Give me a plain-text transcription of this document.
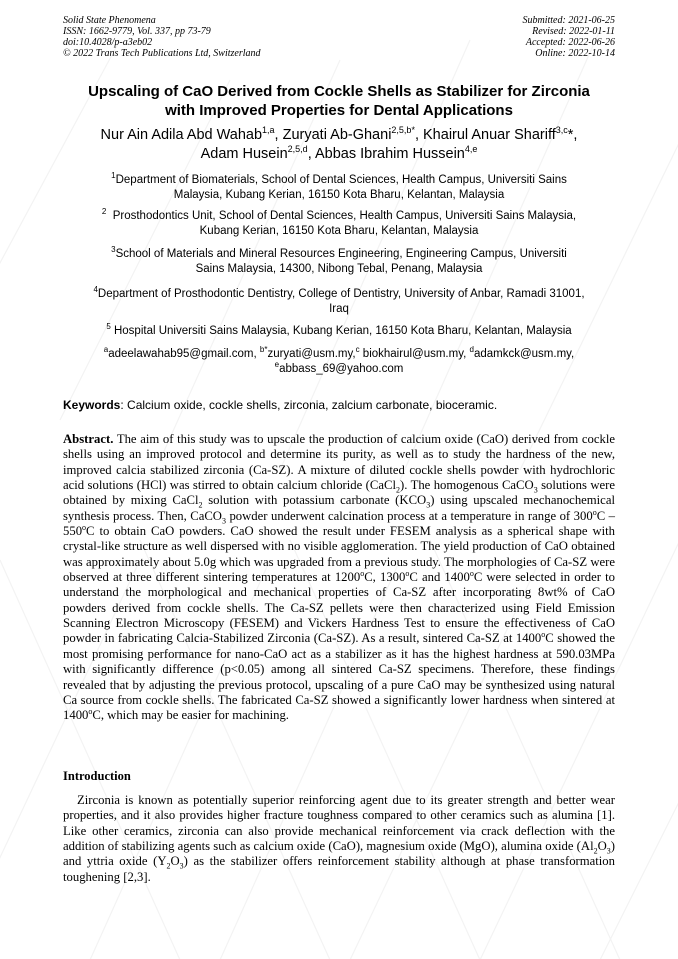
Solid State Phenomena
ISSN: 1662-9779, Vol. 337, pp 73-79
doi:10.4028/p-a3eb02
© 2022 Trans Tech Publications Ltd, Switzerland
Submitted: 2021-06-25
Revised: 2022-01-11
Accepted: 2022-06-26
Online: 2022-10-14
Upscaling of CaO Derived from Cockle Shells as Stabilizer for Zirconia
with Improved Properties for Dental Applications
Nur Ain Adila Abd Wahab$^{1,a}$, Zuryati Ab-Ghani$^{2,5,b*}$, Khairul Anuar Shariff$^{3,c}$*,
Adam Husein$^{2,5,d}$, Abbas Ibrahim Hussein$^{4,e}$
$^1$Department of Biomaterials, School of Dental Sciences, Health Campus, Universiti Sains
Malaysia, Kubang Kerian, 16150 Kota Bharu, Kelantan, Malaysia
$^2$ Prosthodontics Unit, School of Dental Sciences, Health Campus, Universiti Sains Malaysia,
Kubang Kerian, 16150 Kota Bharu, Kelantan, Malaysia
$^3$School of Materials and Mineral Resources Engineering, Engineering Campus, Universiti
Sains Malaysia, 14300, Nibong Tebal, Penang, Malaysia
$^4$Department of Prosthodontic Dentistry, College of Dentistry, University of Anbar, Ramadi 31001,
Iraq
$^5$ Hospital Universiti Sains Malaysia, Kubang Kerian, 16150 Kota Bharu, Kelantan, Malaysia
$^a$adeelawahab95@gmail.com, $^{b*}$zuryati@usm.my,$^c$ biokhairul@usm.my, $^d$adamkck@usm.my,
$^e$abbass_69@yahoo.com
Keywords: Calcium oxide, cockle shells, zirconia, zalcium carbonate, bioceramic.
Abstract. The aim of this study was to upscale the production of calcium oxide (CaO) derived from cockle shells using an improved protocol and determine its purity, as well as to study the hardness of the new, improved calcia stabilized zirconia (Ca-SZ). A mixture of diluted cockle shells powder with hydrochloric acid solutions (HCl) was stirred to obtain calcium chloride (CaCl$_2$). The homogenous CaCO$_3$ solutions were obtained by mixing CaCl$_2$ solution with potassium carbonate $(KCO_3)$ using upscaled mechanochemical synthesis process. Then, CaCO$_3$ powder underwent calcination process at a temperature in range of 300$^o$C – 550$^o$C to obtain CaO powders. CaO showed the result under FESEM analysis as a spherical shape with crystal-like structure as well dispersed with no visible agglomeration. The yield production of CaO obtained was approximately about 5.0g which was upgraded from a previous study. The morphologies of Ca-SZ were observed at three different sintering temperatures at 1200$^o$C, 1300$^o$C and 1400$^o$C were selected in order to understand the morphological and mechanical properties of Ca-SZ after incorporating 8wt% of CaO powders derived from cockle shells. The Ca-SZ pellets were then characterized using Field Emission Scanning Electron Microscopy (FESEM) and Vickers Hardness Test to ensure the effectiveness of CaO powder in fabricating Calcia-Stabilized Zirconia (Ca-SZ). As a result, sintered Ca-SZ at 1400$^o$C showed the most promising performance for nano-CaO act as a stabilizer as it has the highest hardness at 590.03MPa with significantly difference (p<0.05) among all sintered Ca-SZ specimens. Therefore, these findings revealed that by adjusting the previous protocol, upscaling of a pure CaO may be synthesized using natural Ca source from cockle shells. The fabricated Ca-SZ showed a significantly lower hardness when sintered at 1400$^o$C, which may be easier for machining.
Introduction
Zirconia is known as potentially superior reinforcing agent due to its greater strength and better wear properties, and it also provides higher fracture toughness compared to other ceramics such as alumina [1]. Like other ceramics, zirconia can also provide mechanical reinforcement via crack deflection with the addition of stabilizing agents such as calcium oxide (CaO), magnesium oxide (MgO), alumina oxide $(Al_2O_3)$ and yttria oxide $(Y_2O_3)$ as the stabilizer offers reinforcement stability although at phase transformation toughening [2,3].
